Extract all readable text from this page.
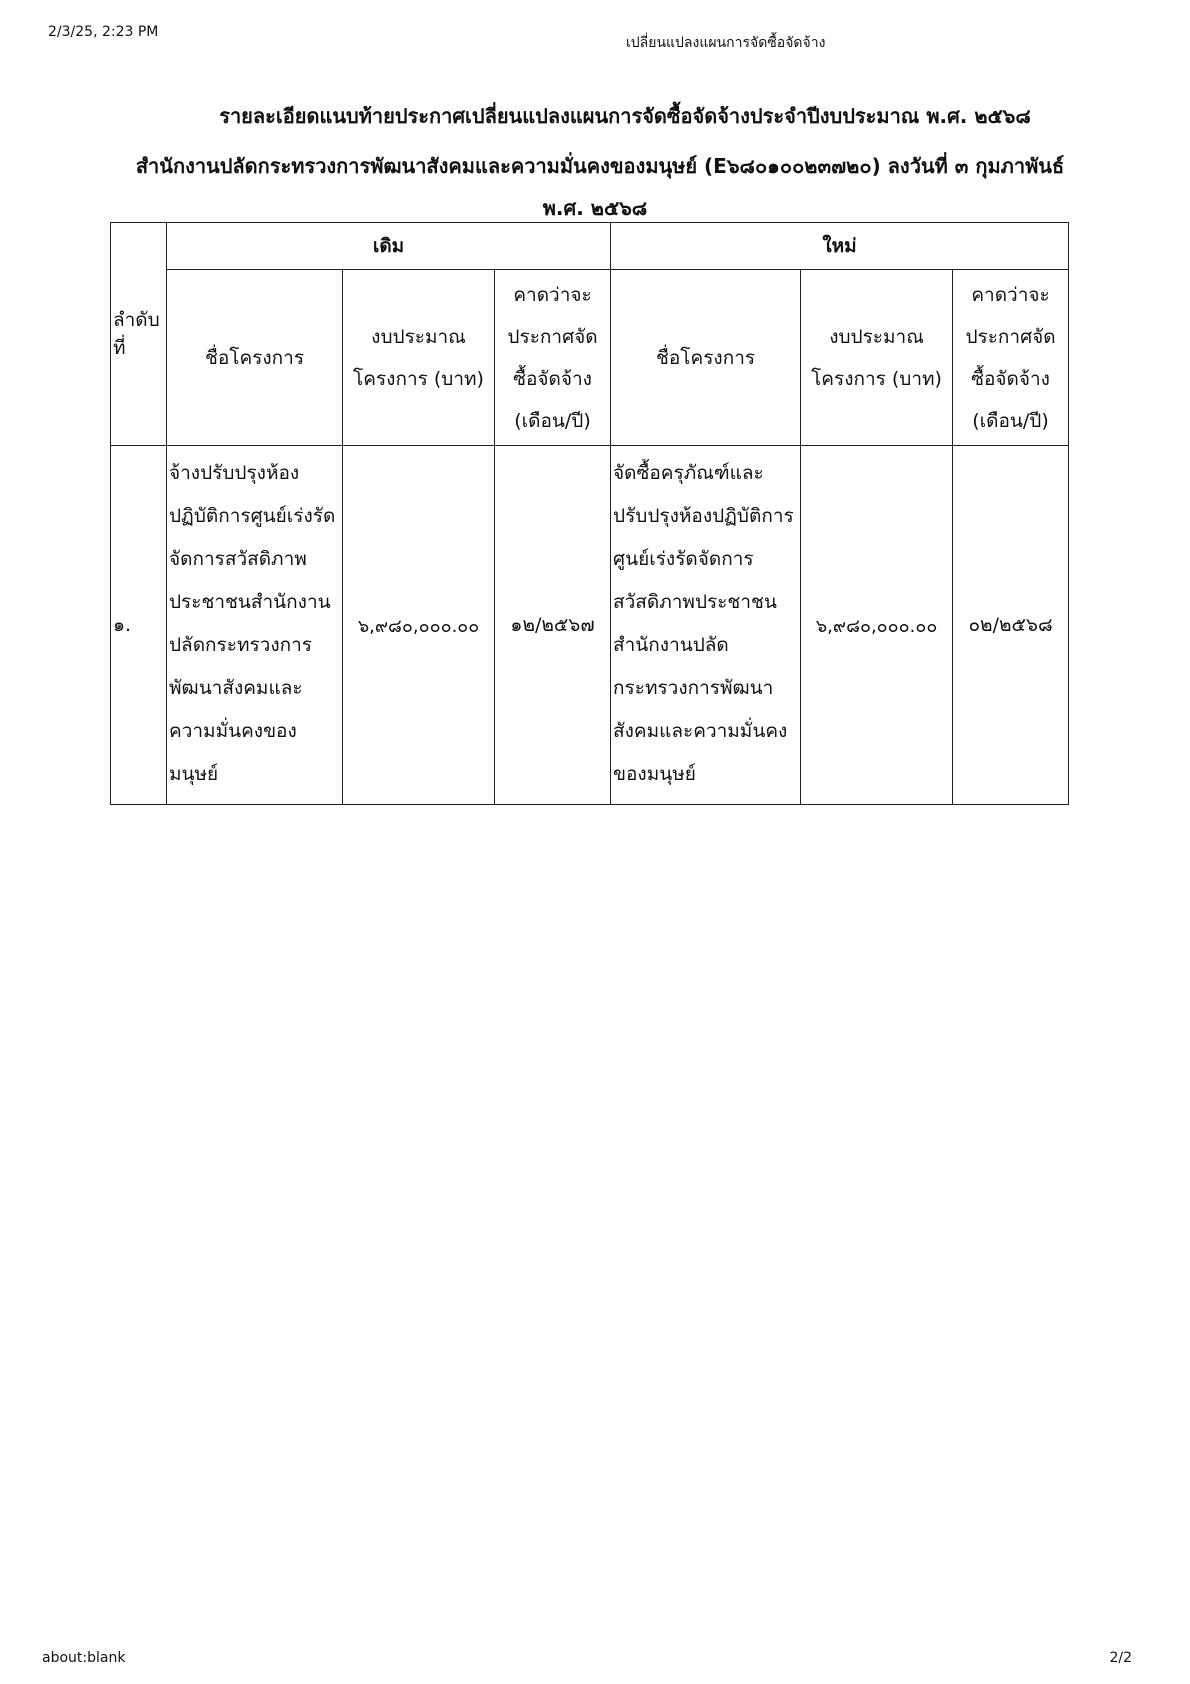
2/3/25, 2:23 PM
เปลี่ยนแปลงแผนการจัดซื้อจัดจ้าง
รายละเอียดแนบท้ายประกาศเปลี่ยนแปลงแผนการจัดซื้อจัดจ้างประจำปีงบประมาณ พ.ศ. ๒๕๖๘
สำนักงานปลัดกระทรวงการพัฒนาสังคมและความมั่นคงของมนุษย์ (E๖๘๐๑๐๐๒๓๗๒๐) ลงวันที่ ๓ กุมภาพันธ์
พ.ศ. ๒๕๖๘
ลำดับที่	เดิม			ใหม่		
	ชื่อโครงการ	งบประมาณโครงการ (บาท)	คาดว่าจะประกาศจัดซื้อจัดจ้าง (เดือน/ปี)	ชื่อโครงการ	งบประมาณโครงการ (บาท)	คาดว่าจะประกาศจัดซื้อจัดจ้าง (เดือน/ปี)
๑.	จ้างปรับปรุงห้องปฏิบัติการศูนย์เร่งรัดจัดการสวัสดิภาพประชาชนสำนักงานปลัดกระทรวงการพัฒนาสังคมและความมั่นคงของมนุษย์	๖,๙๘๐,๐๐๐.๐๐	๑๒/๒๕๖๗	จัดซื้อครุภัณฑ์และปรับปรุงห้องปฏิบัติการศูนย์เร่งรัดจัดการสวัสดิภาพประชาชนสำนักงานปลัดกระทรวงการพัฒนาสังคมและความมั่นคงของมนุษย์	๖,๙๘๐,๐๐๐.๐๐	๐๒/๒๕๖๘
about:blank	2/2
